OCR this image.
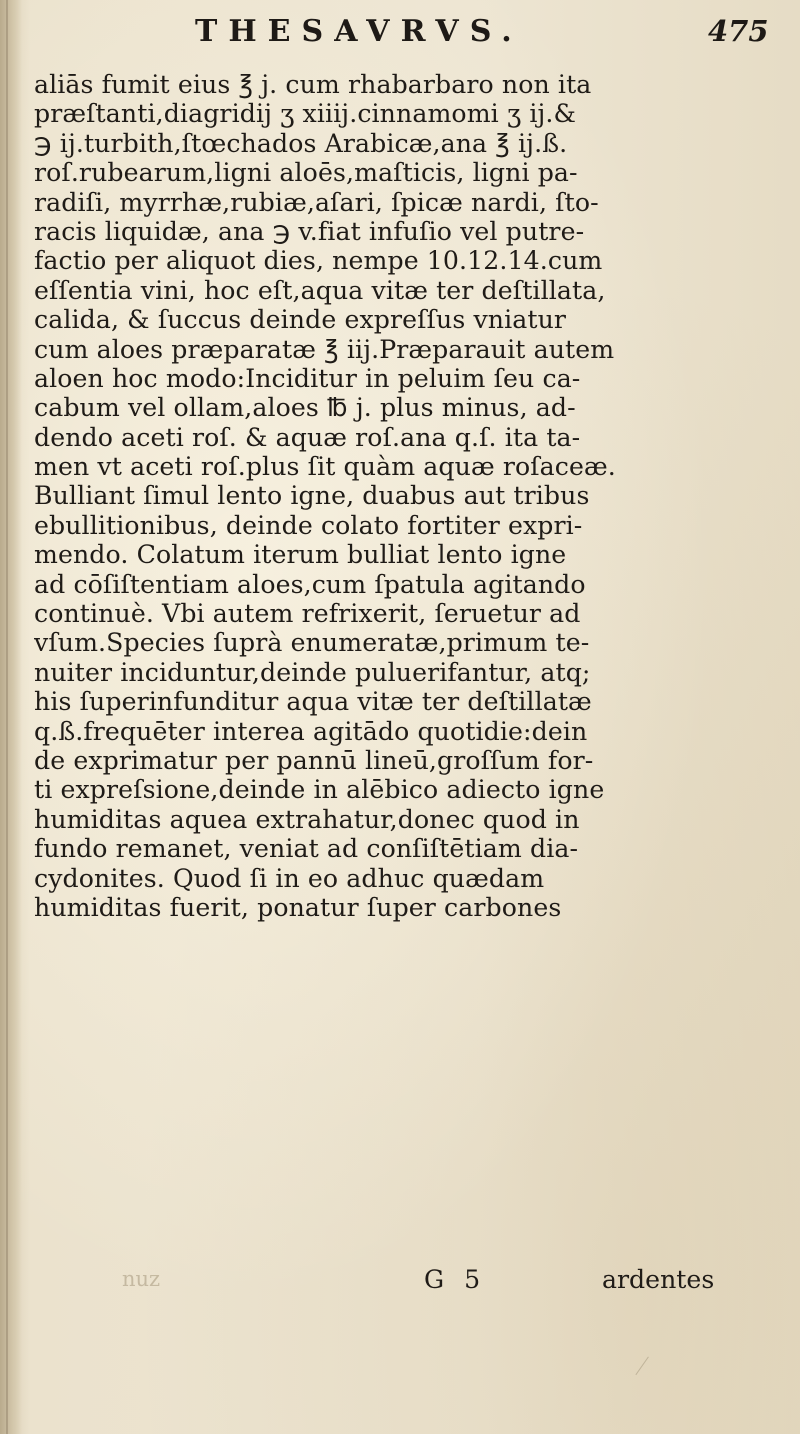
THESAVRVS.	475
aliās fumit eius ℥ j. cum rhabarbaro non ita
præſtanti,diagridij ʒ xiiij.cinnamomi ʒ ij.&
℈ ij.turbith,ſtœchados Arabicæ,ana ℥ ij.ß.
roſ.rubearum,ligni aloēs,maſticis, ligni pa-
radiſi, myrrhæ,rubiæ,aſari, ſpicæ nardi, ſto-
racis liquidæ, ana ℈ v.fiat infuſio vel putre-
factio per aliquot dies, nempe 10.12.14.cum
eſſentia vini, hoc eſt,aqua vitæ ter deſtillata,
calida, & ſuccus deinde expreſſus vniatur
cum aloes præparatæ ℥ iij.Præparauit autem
aloen hoc modo:Inciditur in peluim ſeu ca-
cabum vel ollam,aloes ℔ j. plus minus, ad-
dendo aceti roſ. & aquæ roſ.ana q.ſ. ita ta-
men vt aceti roſ.plus ſit quàm aquæ roſaceæ.
Bulliant ſimul lento igne, duabus aut tribus
ebullitionibus, deinde colato fortiter expri-
mendo. Colatum iterum bulliat lento igne
ad cōſiſtentiam aloes,cum ſpatula agitando
continuè. Vbi autem refrixerit, ſeruetur ad
vſum.Species ſuprà enumeratæ,primum te-
nuiter inciduntur,deinde puluerifantur, atq;
his ſuperinfunditur aqua vitæ ter deſtillatæ
q.ß.frequēter interea agitādo quotidie:dein
de exprimatur per pannū lineū,groſſum for-
ti expreſsione,deinde in alēbico adiecto igne
humiditas aquea extrahatur,donec quod in
fundo remanet, veniat ad conſiſtētiam dia-
cydonites. Quod ſi in eo adhuc quædam
humiditas fuerit, ponatur ſuper carbones
nuz	G 5	ardentes
